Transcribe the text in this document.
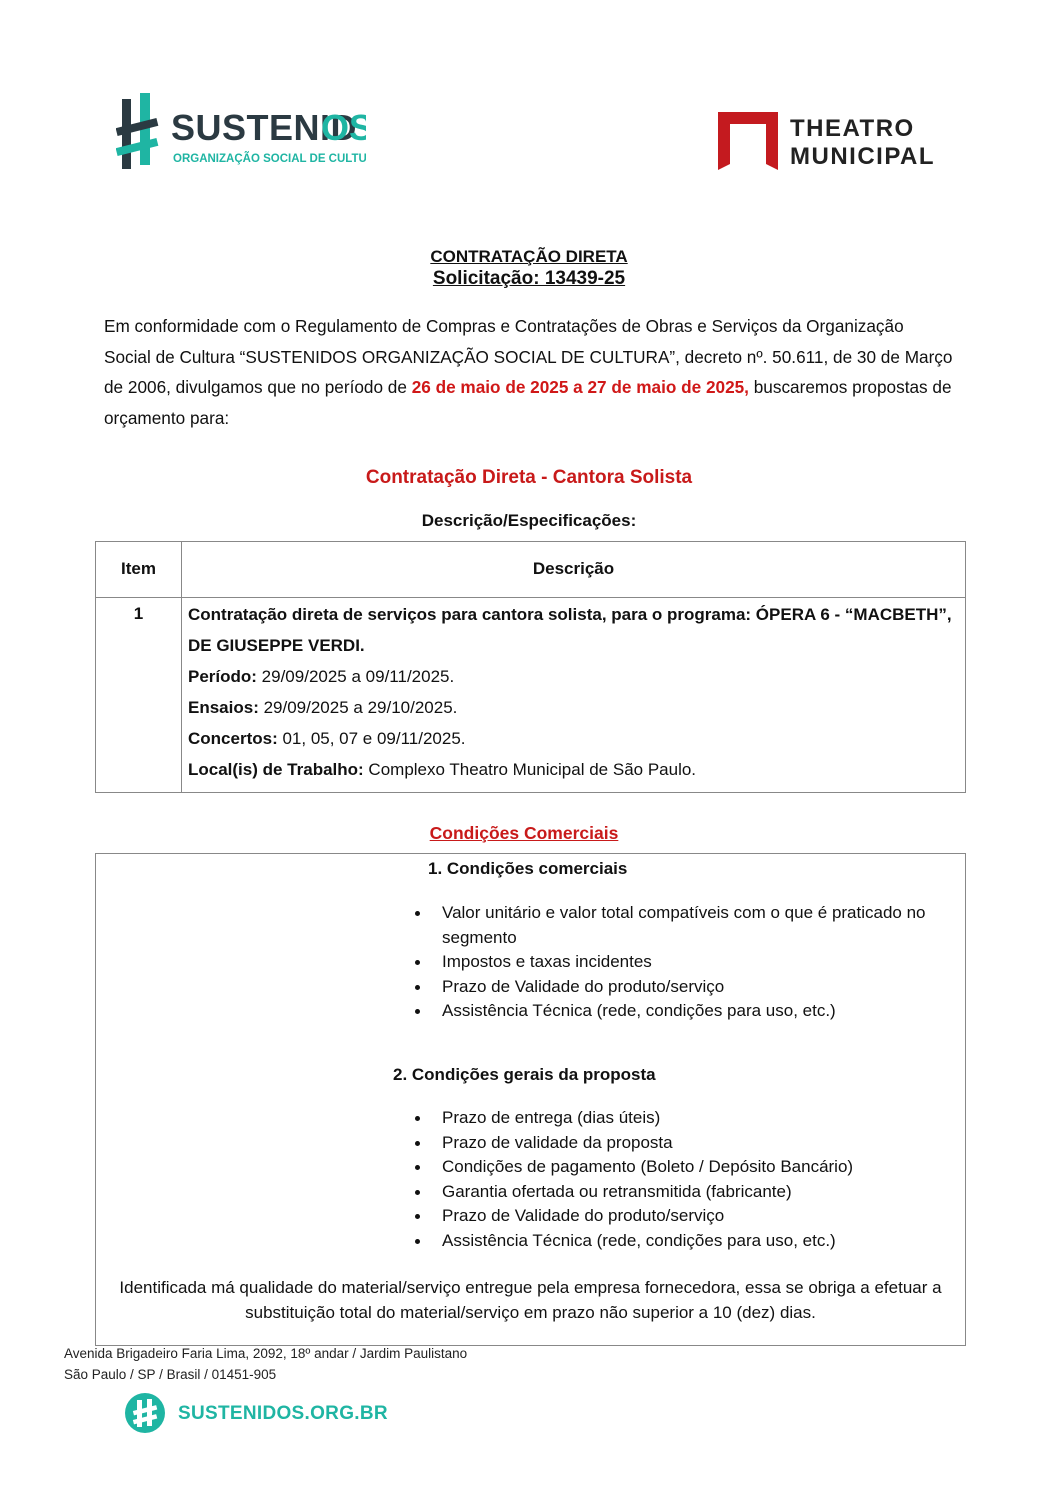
SUSTENID
OS
ORGANIZAÇÃO SOCIAL DE CULTURA
THEATRO
MUNICIPAL
CONTRATAÇÃO DIRETA
Solicitação: 13439-25
Em conformidade com o Regulamento de Compras e Contratações de Obras e Serviços da Organização Social de Cultura “SUSTENIDOS ORGANIZAÇÃO SOCIAL DE CULTURA”, decreto nº. 50.611, de 30 de Março de 2006, divulgamos que no período de 26 de maio de 2025 a 27 de maio de 2025, buscaremos propostas de orçamento para:
Contratação Direta - Cantora Solista
Descrição/Especificações:
Item	Descrição
1	Contratação direta de serviços para cantora solista, para o programa: ÓPERA 6 - “MACBETH”, DE GIUSEPPE VERDI.
Período: 29/09/2025 a 09/11/2025.
Ensaios: 29/09/2025 a 29/10/2025.
Concertos: 01, 05, 07 e 09/11/2025.
Local(is) de Trabalho: Complexo Theatro Municipal de São Paulo.
Condições Comerciais
1. Condições comerciais
Valor unitário e valor total compatíveis com o que é praticado no segmento
Impostos e taxas incidentes
Prazo de Validade do produto/serviço
Assistência Técnica (rede, condições para uso, etc.)
2. Condições gerais da proposta
Prazo de entrega (dias úteis)
Prazo de validade da proposta
Condições de pagamento (Boleto / Depósito Bancário)
Garantia ofertada ou retransmitida (fabricante)
Prazo de Validade do produto/serviço
Assistência Técnica (rede, condições para uso, etc.)
Identificada má qualidade do material/serviço entregue pela empresa fornecedora, essa se obriga a efetuar a substituição total do material/serviço em prazo não superior a 10 (dez) dias.
Avenida Brigadeiro Faria Lima, 2092, 18º andar / Jardim Paulistano
São Paulo / SP / Brasil / 01451-905
SUSTENIDOS.ORG.BR
